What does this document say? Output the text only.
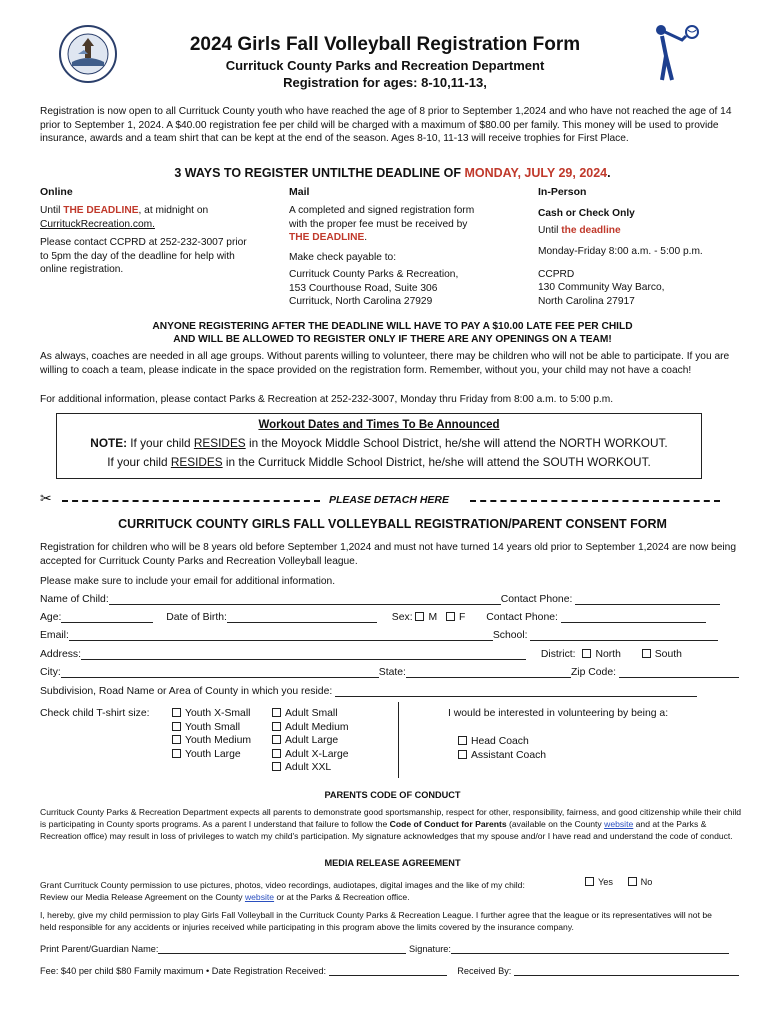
2024 Girls Fall Volleyball Registration Form
Currituck County Parks and Recreation Department
Registration for ages: 8-10,11-13,
Registration is now open to all Currituck County youth who have reached the age of 8 prior to September 1,2024 and who have not reached the age of 14 prior to September 1, 2024. A $40.00 registration fee per child will be charged with a maximum of $80.00 per family. This money will be used to provide insurance, awards and a team shirt that can be kept at the end of the season. Ages 8-10, 11-13 will receive trophies for First Place.
3 WAYS TO REGISTER UNTILTHE DEADLINE OF MONDAY, JULY 29, 2024.
Online
Until THE DEADLINE, at midnight on
CurrituckRecreation.com.
Please contact CCPRD at 252-232-3007 prior to 5pm the day of the deadline for help with online registration.
Mail
A completed and signed registration form with the proper fee must be received by THE DEADLINE.
Make check payable to:
Currituck County Parks & Recreation,
153 Courthouse Road, Suite 306
Currituck, North Carolina 27929
In-Person
Cash or Check Only
Until the deadline
Monday-Friday 8:00 a.m. - 5:00 p.m.
CCPRD
130 Community Way Barco,
North Carolina 27917
ANYONE REGISTERING AFTER THE DEADLINE WILL HAVE TO PAY A $10.00 LATE FEE PER CHILD
AND WILL BE ALLOWED TO REGISTER ONLY IF THERE ARE ANY OPENINGS ON A TEAM!
As always, coaches are needed in all age groups. Without parents willing to volunteer, there may be children who will not be able to participate. If you are willing to coach a team, please indicate in the space provided on the registration form. Remember, without you, your child may not have a coach!
For additional information, please contact Parks & Recreation at 252-232-3007, Monday thru Friday from 8:00 a.m. to 5:00 p.m.
Workout Dates and Times To Be Announced
NOTE: If your child RESIDES in the Moyock Middle School District, he/she will attend the NORTH WORKOUT.
If your child RESIDES in the Currituck Middle School District, he/she will attend the SOUTH WORKOUT.
✂	PLEASE DETACH HERE
CURRITUCK COUNTY GIRLS FALL VOLLEYBALL REGISTRATION/PARENT CONSENT FORM
Registration for children who will be 8 years old before September 1,2024 and must not have turned 14 years old prior to September 1,2024 are now being accepted for Currituck County Parks and Recreation Volleyball league.
Please make sure to include your email for additional information.
Name of Child:	Contact Phone:
Age:	Date of Birth:	Sex: M F Contact Phone:
Email:	School:
Address:	District: North	South
City:	State:	Zip Code:
Subdivision, Road Name or Area of County in which you reside:
Check child T-shirt size:	Youth X-Small
Youth Small
Youth Medium
Youth Large
Adult Small
Adult Medium
Adult Large
Adult X-Large
Adult XXL
I would be interested in volunteering by being a:
Head Coach
Assistant Coach
PARENTS CODE OF CONDUCT
Currituck County Parks & Recreation Department expects all parents to demonstrate good sportsmanship, respect for other, responsibility, fairness, and good citizenship while their child is participating in County sports programs. As a parent I understand that failure to follow the Code of Conduct for Parents (available on the County website and at the Parks & Recreation office) may result in loss of privileges to watch my child's participation. My signature acknowledges that my spouse and/or I have read and understand the code of conduct.
MEDIA RELEASE AGREEMENT
Grant Currituck County permission to use pictures, photos, video recordings, audiotapes, digital images and the like of my child:
Review our Media Release Agreement on the County website or at the Parks & Recreation office.
Yes	No
I, hereby, give my child permission to play Girls Fall Volleyball in the Currituck County Parks & Recreation League. I further agree that the league or its representatives will not be held responsible for any accidents or injuries received while participating in this program above the limits covered by the insurance company.
Print Parent/Guardian Name:	Signature:
Fee: $40 per child $80 Family maximum • Date Registration Received:	Received By:
